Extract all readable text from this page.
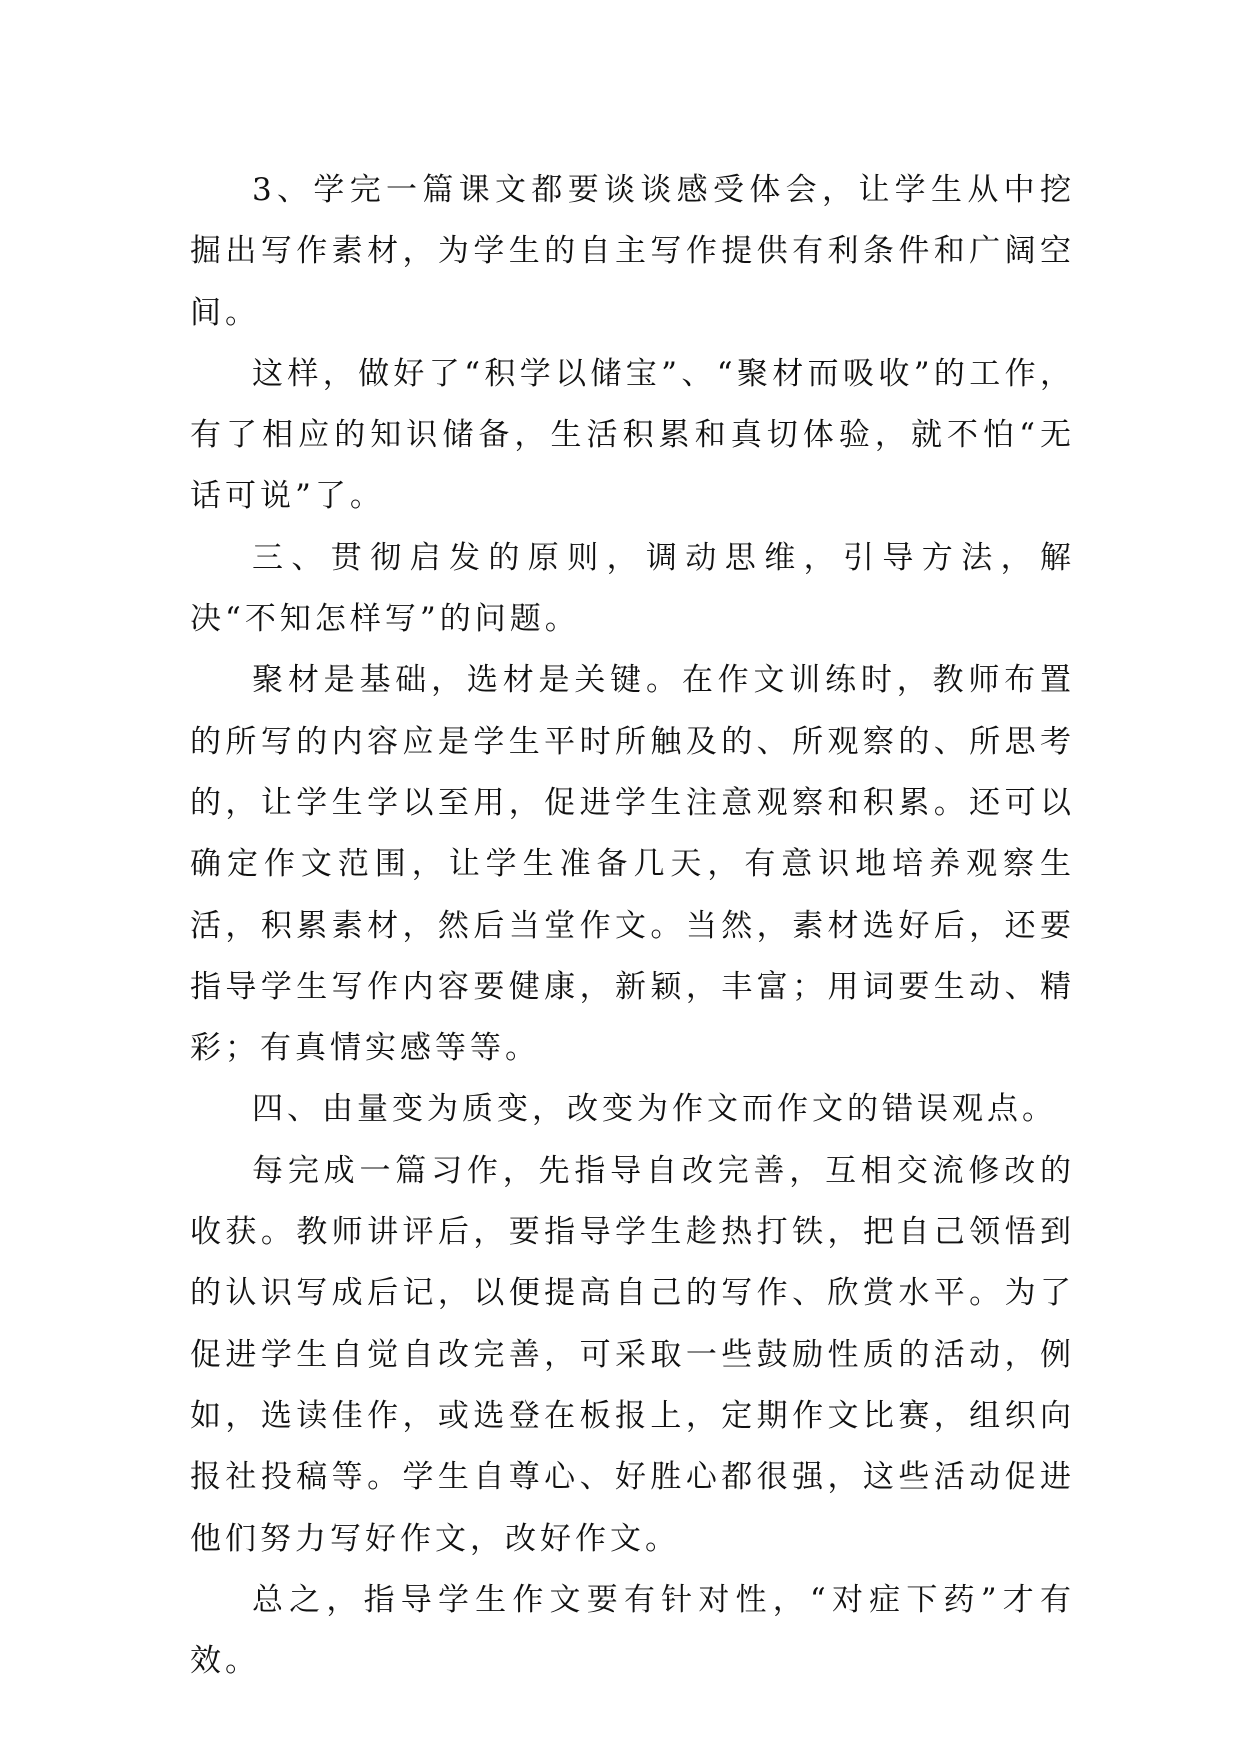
3、学完一篇课文都要谈谈感受体会，让学生从中挖掘出写作素材，为学生的自主写作提供有利条件和广阔空间。

这样，做好了“积学以储宝”、“聚材而吸收”的工作，有了相应的知识储备，生活积累和真切体验，就不怕“无话可说”了。

三、贯彻启发的原则，调动思维，引导方法，解决“不知怎样写”的问题。

聚材是基础，选材是关键。在作文训练时，教师布置的所写的内容应是学生平时所触及的、所观察的、所思考的，让学生学以至用，促进学生注意观察和积累。还可以确定作文范围，让学生准备几天，有意识地培养观察生活，积累素材，然后当堂作文。当然，素材选好后，还要指导学生写作内容要健康，新颖，丰富；用词要生动、精彩；有真情实感等等。

四、由量变为质变，改变为作文而作文的错误观点。

每完成一篇习作，先指导自改完善，互相交流修改的收获。教师讲评后，要指导学生趁热打铁，把自己领悟到的认识写成后记，以便提高自己的写作、欣赏水平。为了促进学生自觉自改完善，可采取一些鼓励性质的活动，例如，选读佳作，或选登在板报上，定期作文比赛，组织向报社投稿等。学生自尊心、好胜心都很强，这些活动促进他们努力写好作文，改好作文。

总之，指导学生作文要有针对性，“对症下药”才有效。
